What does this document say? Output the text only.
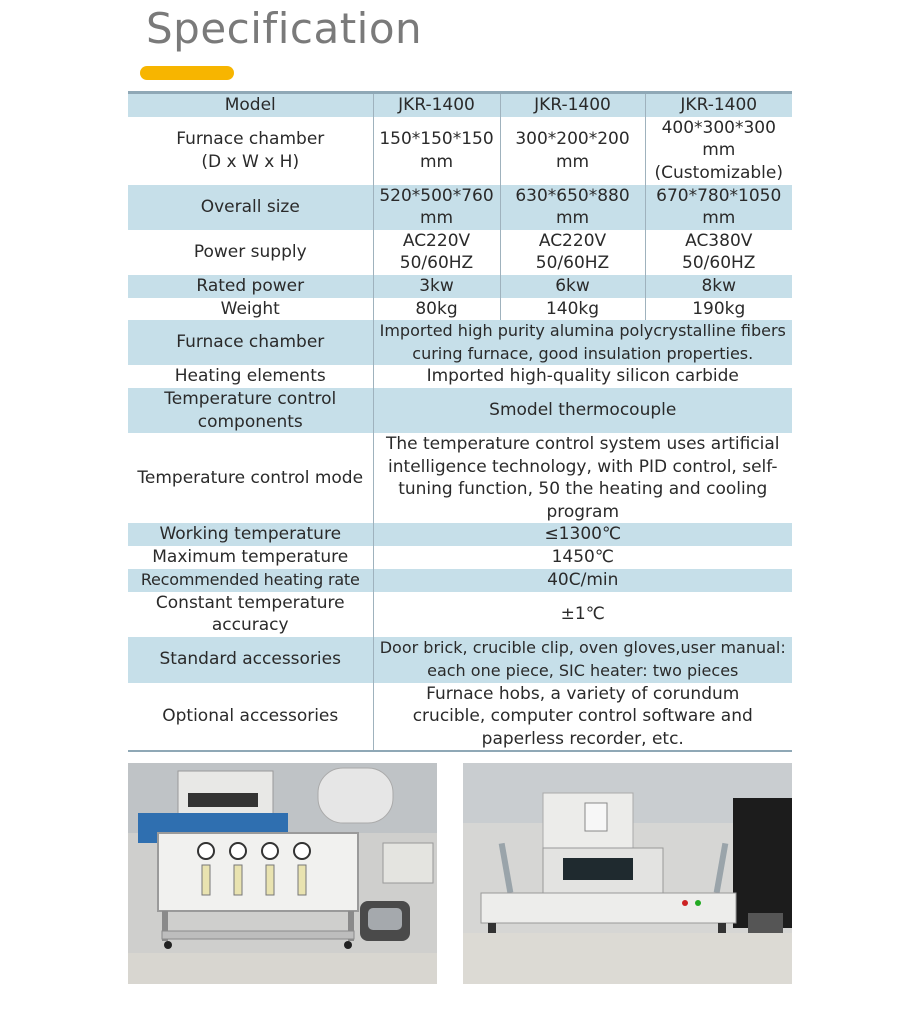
Specification
Model	JKR-1400	JKR-1400	JKR-1400
Furnace chamber (D x W x H)	150*150*150 mm	300*200*200 mm	400*300*300 mm (Customizable)
Overall size	520*500*760 mm	630*650*880 mm	670*780*1050 mm
Power supply	AC220V 50/60HZ	AC220V 50/60HZ	AC380V 50/60HZ
Rated power	3kw	6kw	8kw
Weight	80kg	140kg	190kg
Furnace chamber	Imported high purity alumina polycrystalline fibers curing furnace, good insulation properties.		
Heating elements	Imported high-quality silicon carbide		
Temperature control components	Smodel thermocouple		
Temperature control mode	The temperature control system uses artificial intelligence technology, with PID control, self-tuning function, 50 the heating and cooling program		
Working temperature	≤1300℃		
Maximum temperature	1450℃		
Recommended heating rate	40C/min		
Constant temperature accuracy	±1℃		
Standard accessories	Door brick, crucible clip, oven gloves,user manual: each one piece, SIC heater: two pieces		
Optional accessories	Furnace hobs, a variety of corundum crucible, computer control software and paperless recorder, etc.		
